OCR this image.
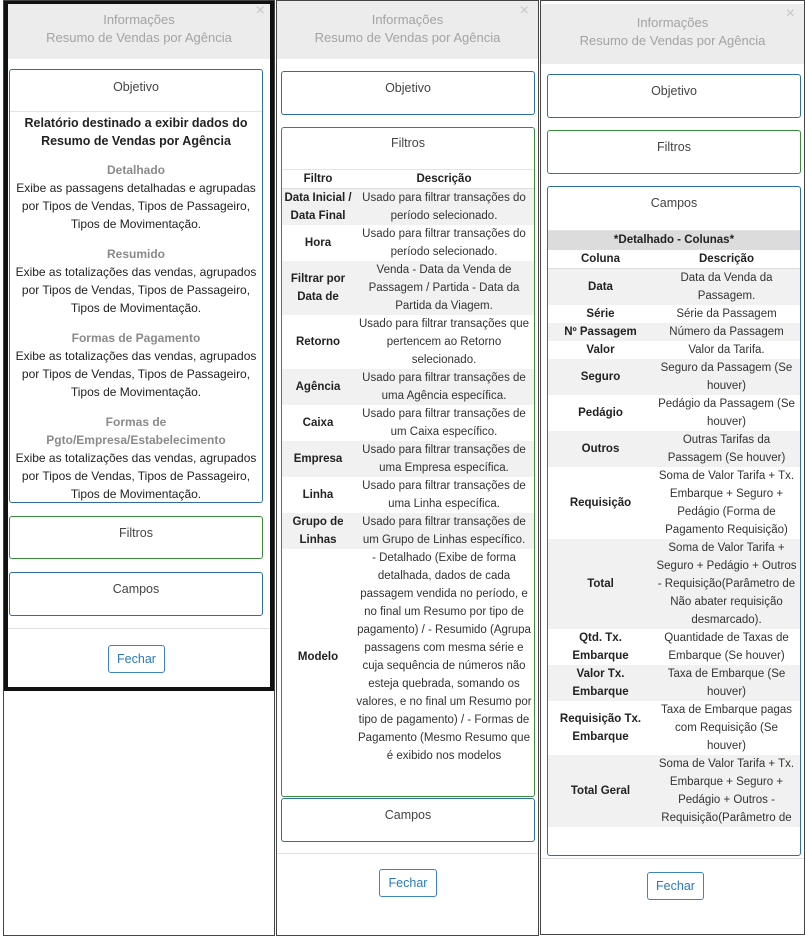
Informações
Resumo de Vendas por Agência
×
Objetivo
Relatório destinado a exibir dados do Resumo de Vendas por Agência
Detalhado
Exibe as passagens detalhadas e agrupadas por Tipos de Vendas, Tipos de Passageiro, Tipos de Movimentação.
Resumido
Exibe as totalizações das vendas, agrupados por Tipos de Vendas, Tipos de Passageiro, Tipos de Movimentação.
Formas de Pagamento
Exibe as totalizações das vendas, agrupados por Tipos de Vendas, Tipos de Passageiro, Tipos de Movimentação.
Formas de Pgto/Empresa/Estabelecimento
Exibe as totalizações das vendas, agrupados por Tipos de Vendas, Tipos de Passageiro, Tipos de Movimentação.
Filtros
Campos
Fechar
Informações
Resumo de Vendas por Agência
×
Objetivo
Filtros
Filtro	Descrição
Data Inicial / Data Final	Usado para filtrar transações do período selecionado.
Hora	Usado para filtrar transações do período selecionado.
Filtrar por Data de	Venda - Data da Venda de Passagem / Partida - Data da Partida da Viagem.
Retorno	Usado para filtrar transações que pertencem ao Retorno selecionado.
Agência	Usado para filtrar transações de uma Agência específica.
Caixa	Usado para filtrar transações de um Caixa específico.
Empresa	Usado para filtrar transações de uma Empresa específica.
Linha	Usado para filtrar transações de uma Linha específica.
Grupo de Linhas	Usado para filtrar transações de um Grupo de Linhas específico.
Modelo	- Detalhado (Exibe de forma detalhada, dados de cada passagem vendida no período, e no final um Resumo por tipo de pagamento) / - Resumido (Agrupa passagens com mesma série e cuja sequência de números não esteja quebrada, somando os valores, e no final um Resumo por tipo de pagamento) / - Formas de Pagamento (Mesmo Resumo que é exibido nos modelos
Campos
Fechar
Informações
Resumo de Vendas por Agência
×
Objetivo
Filtros
Campos
*Detalhado - Colunas*	
Coluna	Descrição
Data	Data da Venda da Passagem.
Série	Série da Passagem
Nº Passagem	Número da Passagem
Valor	Valor da Tarifa.
Seguro	Seguro da Passagem (Se houver)
Pedágio	Pedágio da Passagem (Se houver)
Outros	Outras Tarifas da Passagem (Se houver)
Requisição	Soma de Valor Tarifa + Tx. Embarque + Seguro + Pedágio (Forma de Pagamento Requisição)
Total	Soma de Valor Tarifa + Seguro + Pedágio + Outros - Requisição(Parâmetro de Não abater requisição desmarcado).
Qtd. Tx. Embarque	Quantidade de Taxas de Embarque (Se houver)
Valor Tx. Embarque	Taxa de Embarque (Se houver)
Requisição Tx. Embarque	Taxa de Embarque pagas com Requisição (Se houver)
Total Geral	Soma de Valor Tarifa + Tx. Embarque + Seguro + Pedágio + Outros - Requisição(Parâmetro de
Fechar
